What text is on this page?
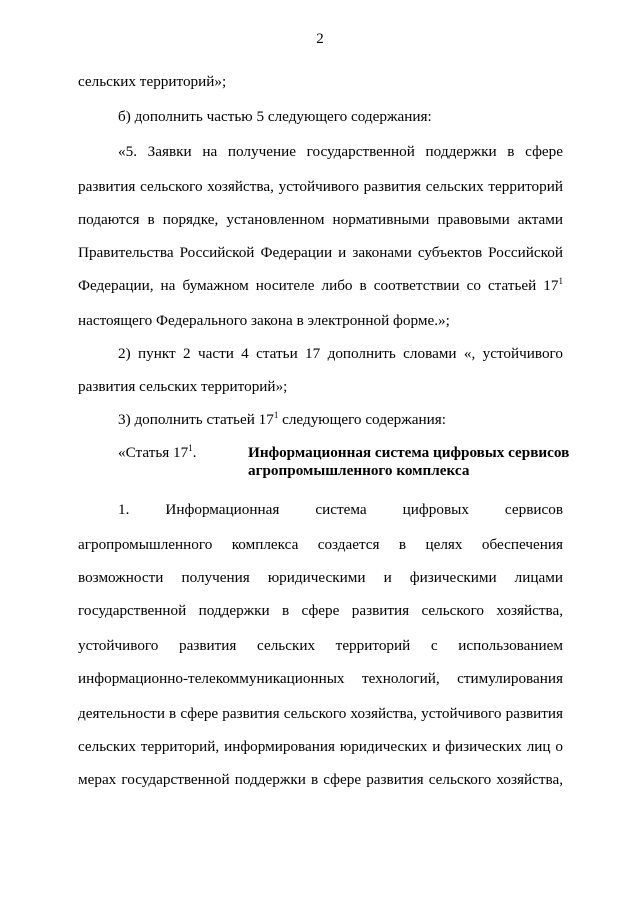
2
сельских территорий»;
б) дополнить частью 5 следующего содержания:
«5. Заявки на получение государственной поддержки в сфере
развития сельского хозяйства, устойчивого развития сельских территорий
подаются в порядке, установленном нормативными правовыми актами
Правительства Российской Федерации и законами субъектов Российской
Федерации, на бумажном носителе либо в соответствии со статьей $17^1$
настоящего Федерального закона в электронной форме.»;
2) пункт 2 части 4 статьи 17 дополнить словами «, устойчивого
развития сельских территорий»;
3) дополнить статьей $17^1$ следующего содержания:
«Статья $17^1$.	Информационная система цифровых сервисов
агропромышленного комплекса
1. Информационная система цифровых сервисов
агропромышленного комплекса создается в целях обеспечения
возможности получения юридическими и физическими лицами
государственной поддержки в сфере развития сельского хозяйства,
устойчивого развития сельских территорий с использованием
информационно-телекоммуникационных технологий, стимулирования
деятельности в сфере развития сельского хозяйства, устойчивого развития
сельских территорий, информирования юридических и физических лиц о
мерах государственной поддержки в сфере развития сельского хозяйства,
